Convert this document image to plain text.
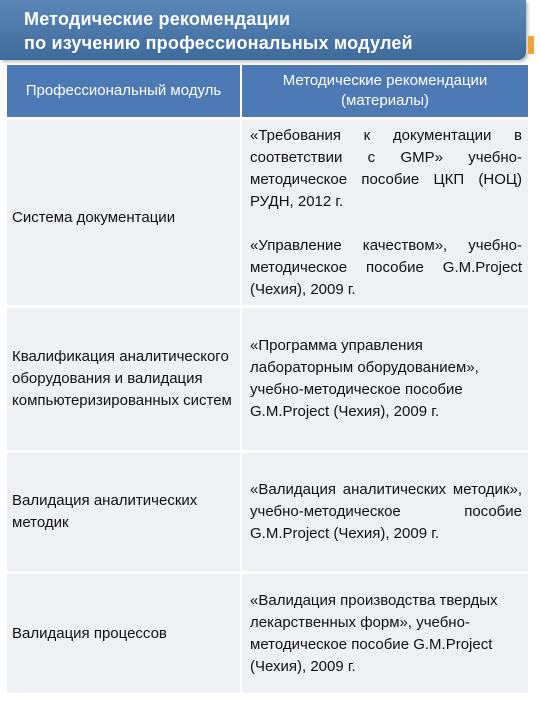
Методические рекомендации
по изучению профессиональных модулей
Профессиональный модуль	Методические рекомендации (материалы)
Система документации	«Требования к документации в соответствии с GMP» учебно-методическое пособие ЦКП (НОЦ) РУДН, 2012 г.
«Управление качеством», учебно-методическое пособие G.M.Project (Чехия), 2009 г.

Квалификация аналитического оборудования и валидация компьютеризированных систем	«Программа управления лабораторным оборудованием», учебно-методическое пособие G.M.Project (Чехия), 2009 г.

Валидация аналитических методик	«Валидация аналитических методик», учебно-методическое пособие G.M.Project (Чехия), 2009 г.

Валидация процессов	«Валидация производства твердых лекарственных форм», учебно-методическое пособие G.M.Project (Чехия), 2009 г.
